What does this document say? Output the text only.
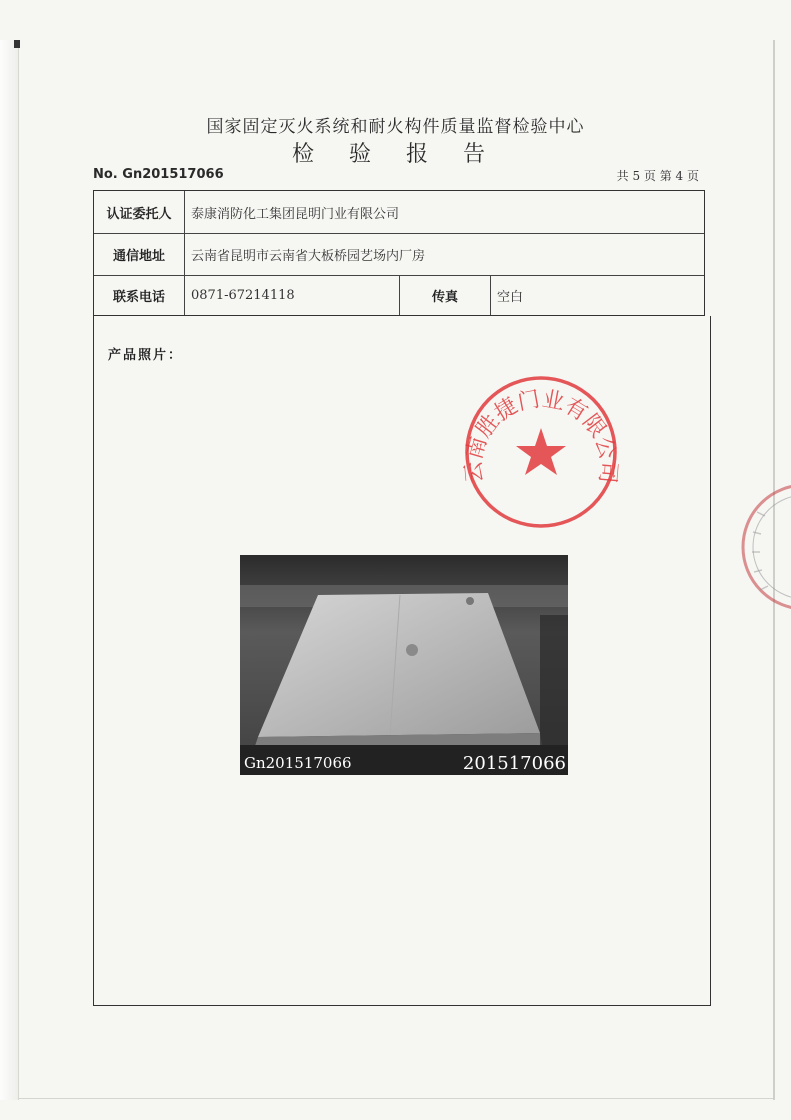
国家固定灭火系统和耐火构件质量监督检验中心
检 验 报 告
No. Gn201517066	共 5 页 第 4 页
认证委托人	泰康消防化工集团昆明门业有限公司
通信地址	云南省昆明市云南省大板桥园艺场内厂房
联系电话	0871-67214118	传真	空白
产品照片：
云南胜捷门业有限公司
Gn201517066	201517066
